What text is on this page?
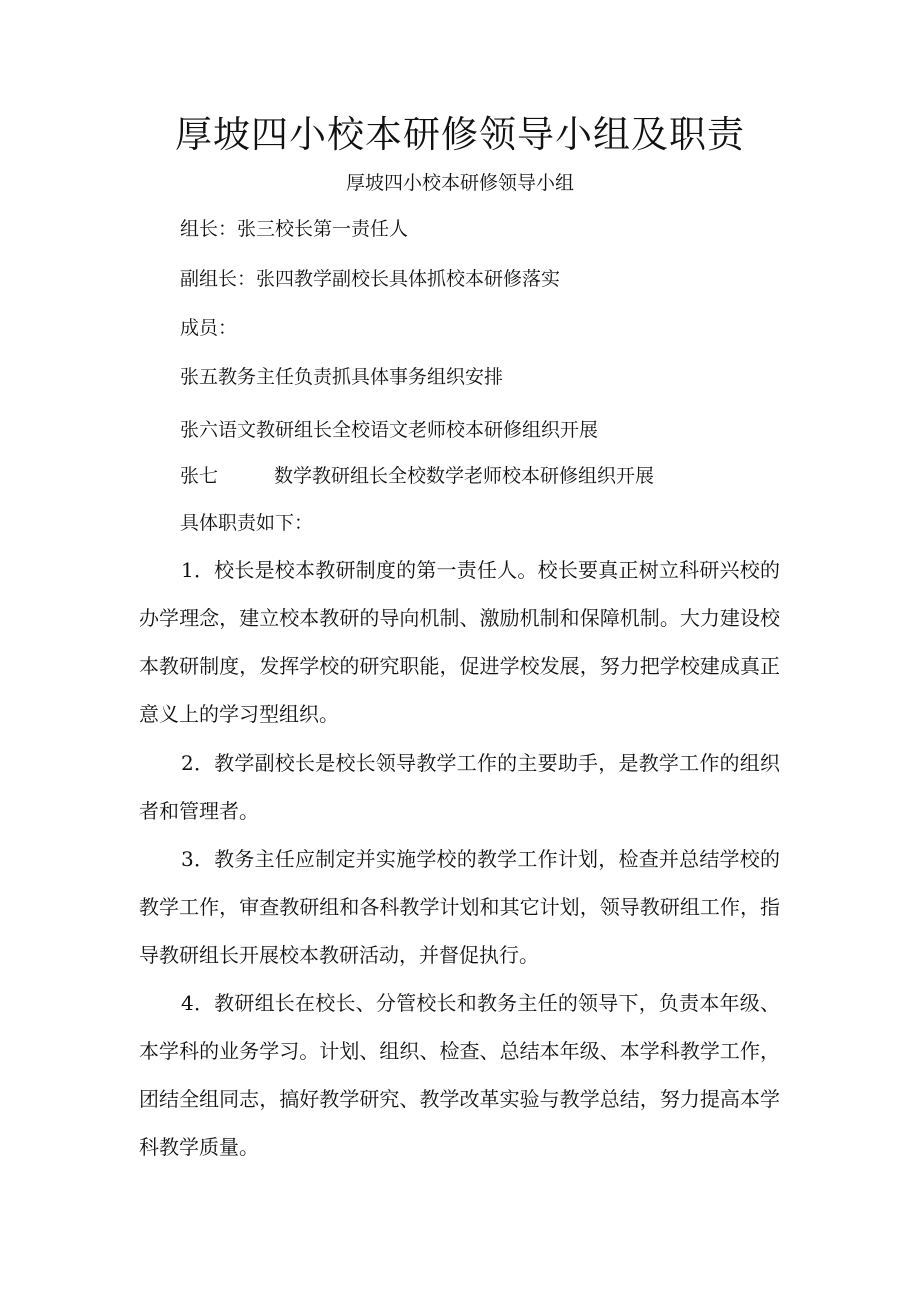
厚坡四小校本研修领导小组及职责
厚坡四小校本研修领导小组
组长：张三校长第一责任人
副组长：张四教学副校长具体抓校本研修落实
成员：
张五教务主任负责抓具体事务组织安排
张六语文教研组长全校语文老师校本研修组织开展
张七	数学教研组长全校数学老师校本研修组织开展
具体职责如下：

1．校长是校本教研制度的第一责任人。校长要真正树立科研兴校的办学理念，建立校本教研的导向机制、激励机制和保障机制。大力建设校本教研制度，发挥学校的研究职能，促进学校发展，努力把学校建成真正意义上的学习型组织。

2．教学副校长是校长领导教学工作的主要助手，是教学工作的组织者和管理者。

3．教务主任应制定并实施学校的教学工作计划，检查并总结学校的教学工作，审查教研组和各科教学计划和其它计划，领导教研组工作，指导教研组长开展校本教研活动，并督促执行。

4．教研组长在校长、分管校长和教务主任的领导下，负责本年级、本学科的业务学习。计划、组织、检查、总结本年级、本学科教学工作，团结全组同志，搞好教学研究、教学改革实验与教学总结，努力提高本学科教学质量。
